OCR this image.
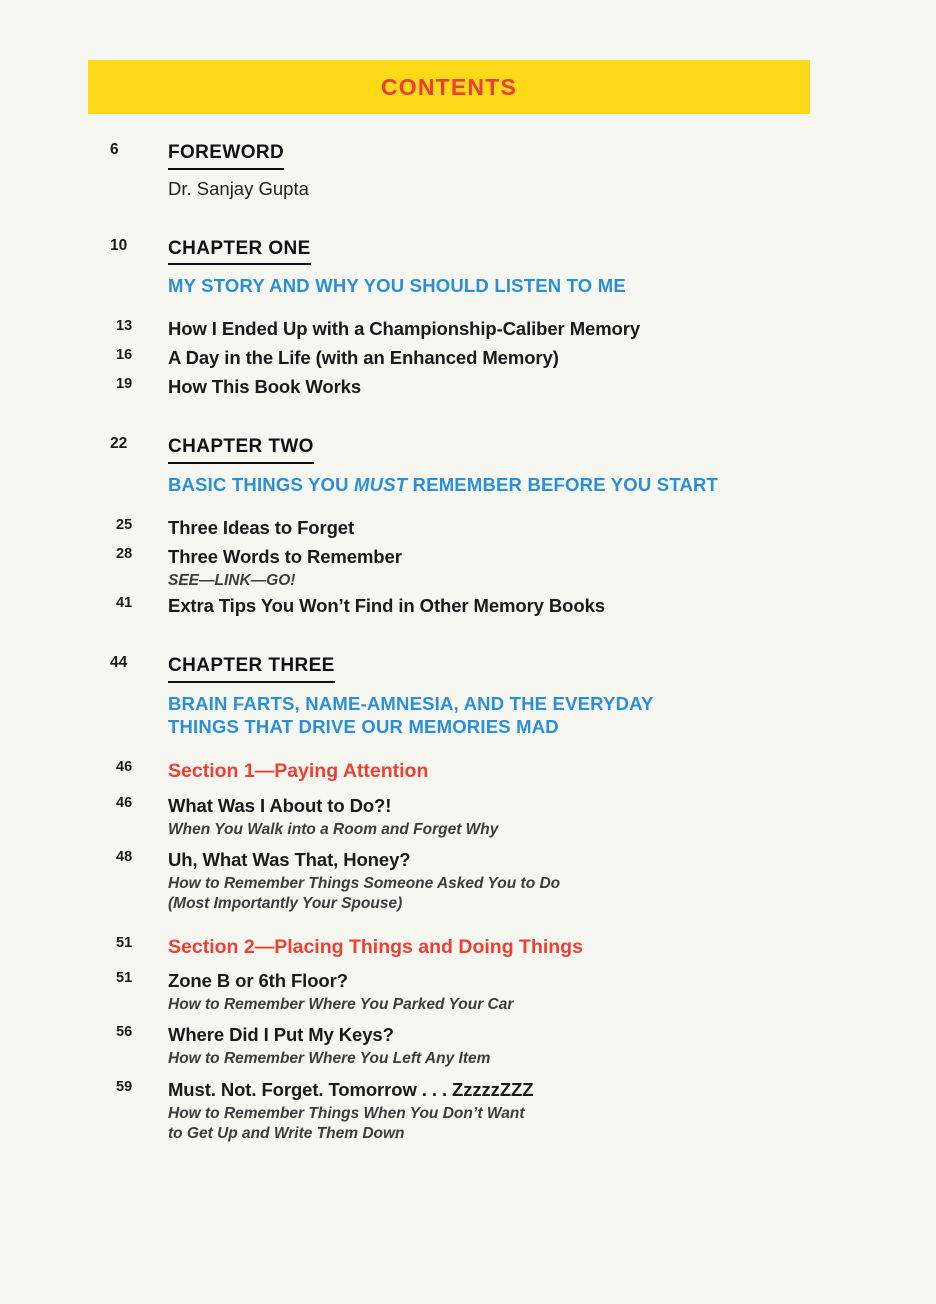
CONTENTS
6	FOREWORD
Dr. Sanjay Gupta
10	CHAPTER ONE
MY STORY AND WHY YOU SHOULD LISTEN TO ME
13	How I Ended Up with a Championship-Caliber Memory
16	A Day in the Life (with an Enhanced Memory)
19	How This Book Works
22	CHAPTER TWO
BASIC THINGS YOU MUST REMEMBER BEFORE YOU START
25	Three Ideas to Forget
28	Three Words to Remember
SEE—LINK—GO!
41	Extra Tips You Won’t Find in Other Memory Books
44	CHAPTER THREE
BRAIN FARTS, NAME-AMNESIA, AND THE EVERYDAY
THINGS THAT DRIVE OUR MEMORIES MAD
46	Section 1—Paying Attention
46	What Was I About to Do?!
When You Walk into a Room and Forget Why
48	Uh, What Was That, Honey?
How to Remember Things Someone Asked You to Do
(Most Importantly Your Spouse)
51	Section 2—Placing Things and Doing Things
51	Zone B or 6th Floor?
How to Remember Where You Parked Your Car
56	Where Did I Put My Keys?
How to Remember Where You Left Any Item
59	Must. Not. Forget. Tomorrow . . . ZzzzzZZZ
How to Remember Things When You Don’t Want
to Get Up and Write Them Down
